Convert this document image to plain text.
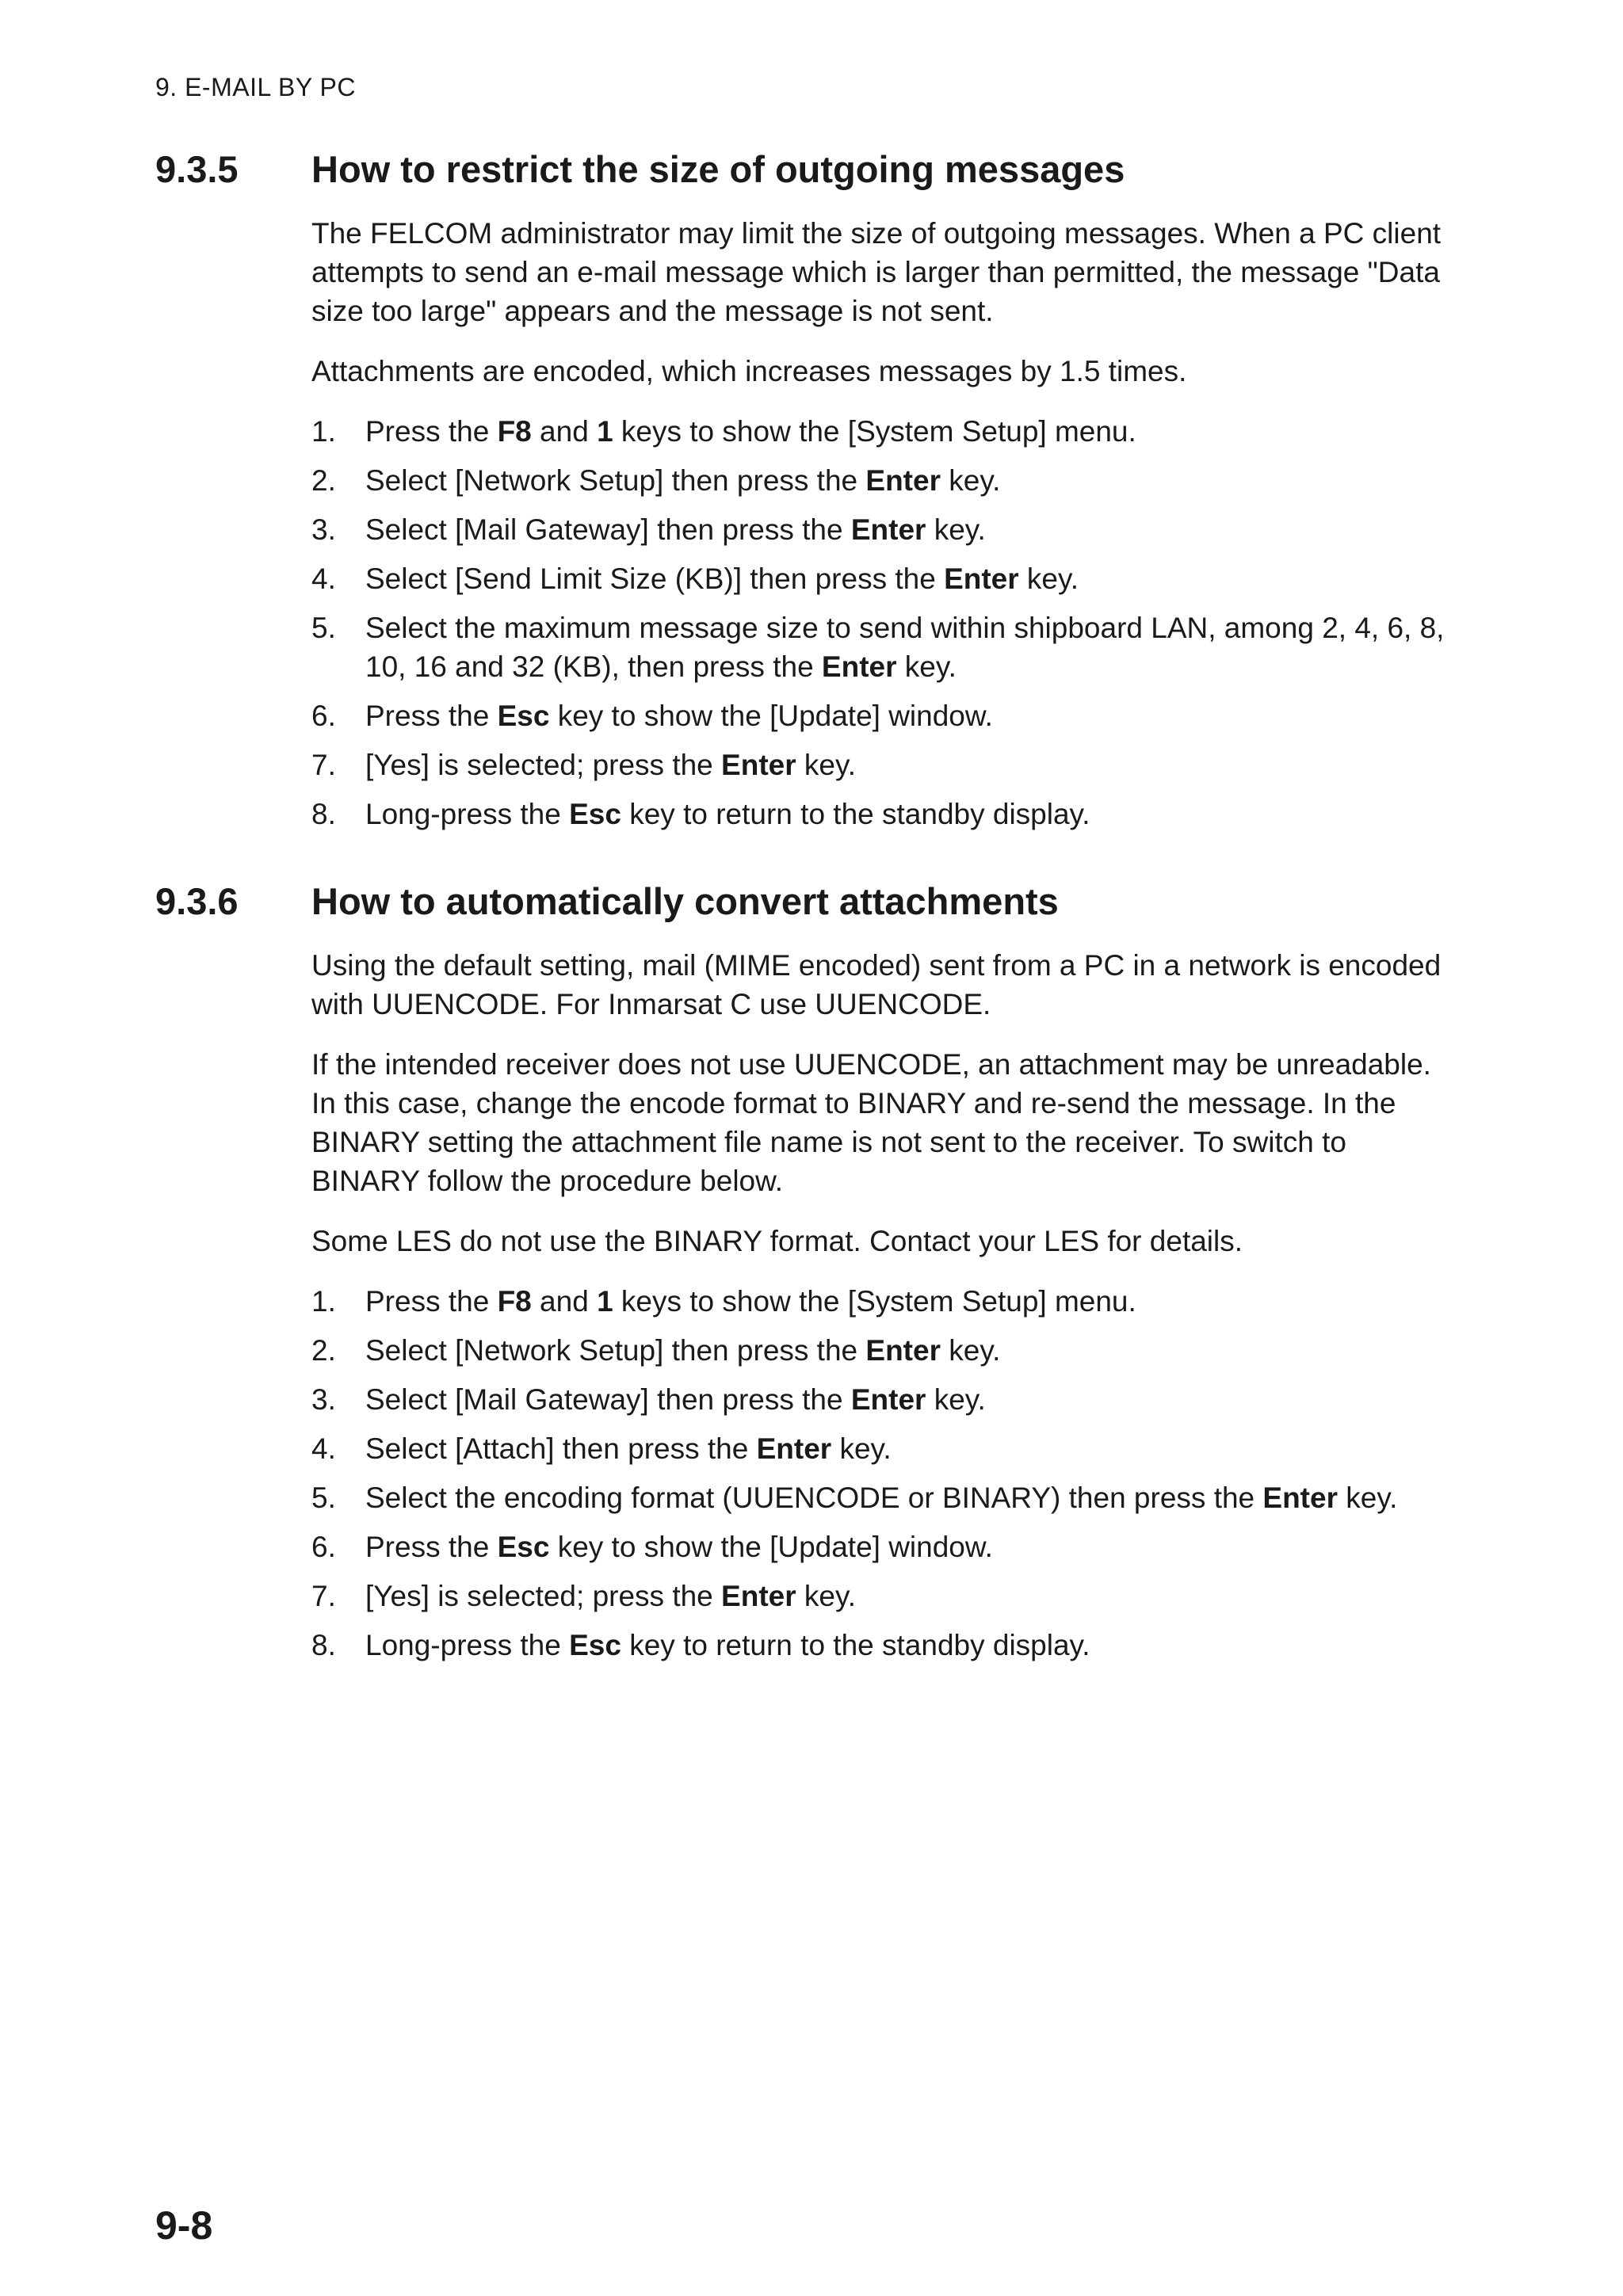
9. E-MAIL BY PC
9.3.5	How to restrict the size of outgoing messages

The FELCOM administrator may limit the size of outgoing messages. When a PC client attempts to send an e-mail message which is larger than permitted, the message "Data size too large" appears and the message is not sent.

Attachments are encoded, which increases messages by 1.5 times.

1.	Press the F8 and 1 keys to show the [System Setup] menu.
2.	Select [Network Setup] then press the Enter key.
3.	Select [Mail Gateway] then press the Enter key.
4.	Select [Send Limit Size (KB)] then press the Enter key.
5.	Select the maximum message size to send within shipboard LAN, among 2, 4, 6, 8, 10, 16 and 32 (KB), then press the Enter key.
6.	Press the Esc key to show the [Update] window.
7.	[Yes] is selected; press the Enter key.
8.	Long-press the Esc key to return to the standby display.
9.3.6	How to automatically convert attachments

Using the default setting, mail (MIME encoded) sent from a PC in a network is encoded with UUENCODE. For Inmarsat C use UUENCODE.

If the intended receiver does not use UUENCODE, an attachment may be unreadable. In this case, change the encode format to BINARY and re-send the message. In the BINARY setting the attachment file name is not sent to the receiver. To switch to BINARY follow the procedure below.

Some LES do not use the BINARY format. Contact your LES for details.

1.	Press the F8 and 1 keys to show the [System Setup] menu.
2.	Select [Network Setup] then press the Enter key.
3.	Select [Mail Gateway] then press the Enter key.
4.	Select [Attach] then press the Enter key.
5.	Select the encoding format (UUENCODE or BINARY) then press the Enter key.
6.	Press the Esc key to show the [Update] window.
7.	[Yes] is selected; press the Enter key.
8.	Long-press the Esc key to return to the standby display.
9-8
